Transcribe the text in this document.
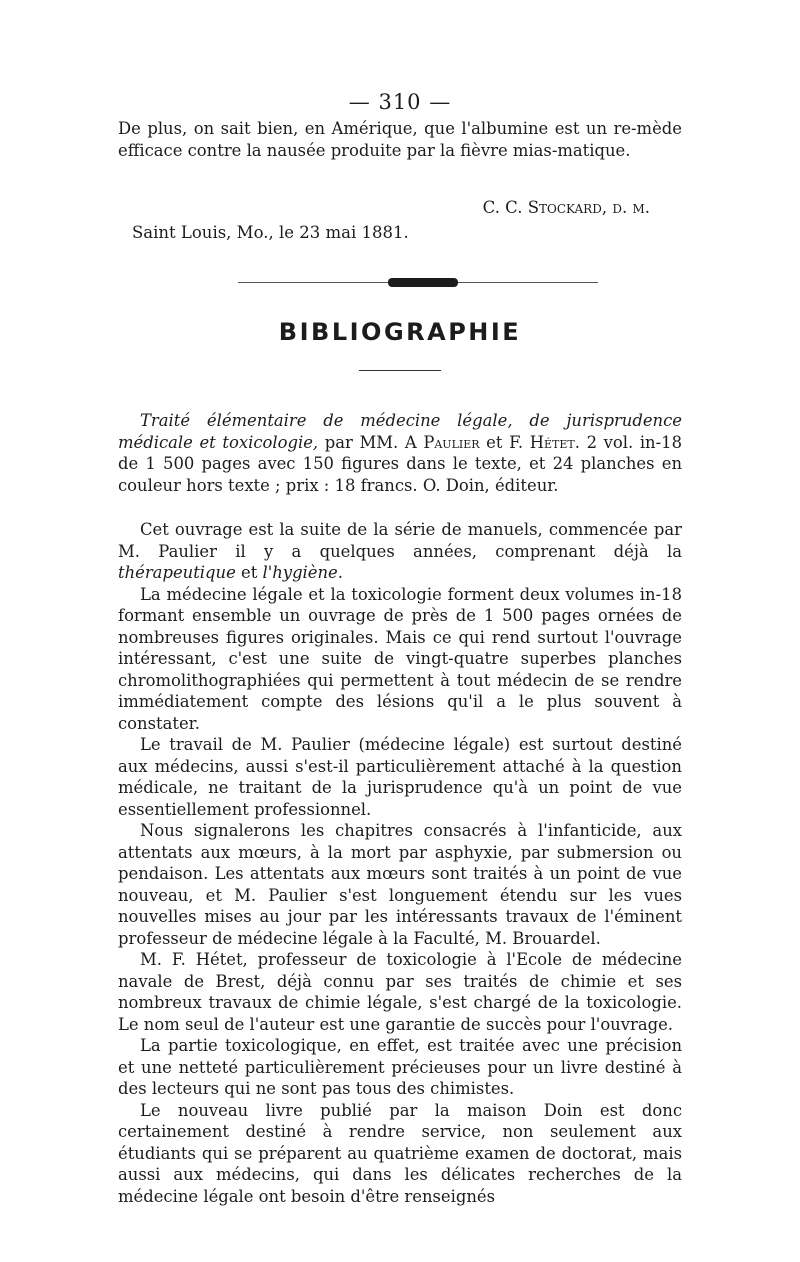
— 310 —
De plus, on sait bien, en Amérique, que l'albumine est un re-mède efficace contre la nausée produite par la fièvre mias-matique.
C. C. Stockard, d. m.
Saint Louis, Mo., le 23 mai 1881.
BIBLIOGRAPHIE

Traité élémentaire de médecine légale, de jurisprudence médicale et toxicologie, par MM. A Paulier et F. Hétet. 2 vol. in-18 de 1 500 pages avec 150 figures dans le texte, et 24 planches en couleur hors texte ; prix : 18 francs. O. Doin, éditeur.

Cet ouvrage est la suite de la série de manuels, commencée par M. Paulier il y a quelques années, comprenant déjà la thérapeutique et l'hygiène.

La médecine légale et la toxicologie forment deux volumes in-18 formant ensemble un ouvrage de près de 1 500 pages ornées de nombreuses figures originales. Mais ce qui rend surtout l'ouvrage intéressant, c'est une suite de vingt-quatre superbes planches chromolithographiées qui permettent à tout médecin de se rendre immédiatement compte des lésions qu'il a le plus souvent à constater.

Le travail de M. Paulier (médecine légale) est surtout destiné aux médecins, aussi s'est-il particulièrement attaché à la question médicale, ne traitant de la jurisprudence qu'à un point de vue essentiellement professionnel.

Nous signalerons les chapitres consacrés à l'infanticide, aux attentats aux mœurs, à la mort par asphyxie, par submersion ou pendaison. Les attentats aux mœurs sont traités à un point de vue nouveau, et M. Paulier s'est longuement étendu sur les vues nouvelles mises au jour par les intéressants travaux de l'éminent professeur de médecine légale à la Faculté, M. Brouardel.

M. F. Hétet, professeur de toxicologie à l'Ecole de médecine navale de Brest, déjà connu par ses traités de chimie et ses nombreux travaux de chimie légale, s'est chargé de la toxicologie. Le nom seul de l'auteur est une garantie de succès pour l'ouvrage.

La partie toxicologique, en effet, est traitée avec une précision et une netteté particulièrement précieuses pour un livre destiné à des lecteurs qui ne sont pas tous des chimistes.

Le nouveau livre publié par la maison Doin est donc certainement destiné à rendre service, non seulement aux étudiants qui se préparent au quatrième examen de doctorat, mais aussi aux médecins, qui dans les délicates recherches de la médecine légale ont besoin d'être renseignés
